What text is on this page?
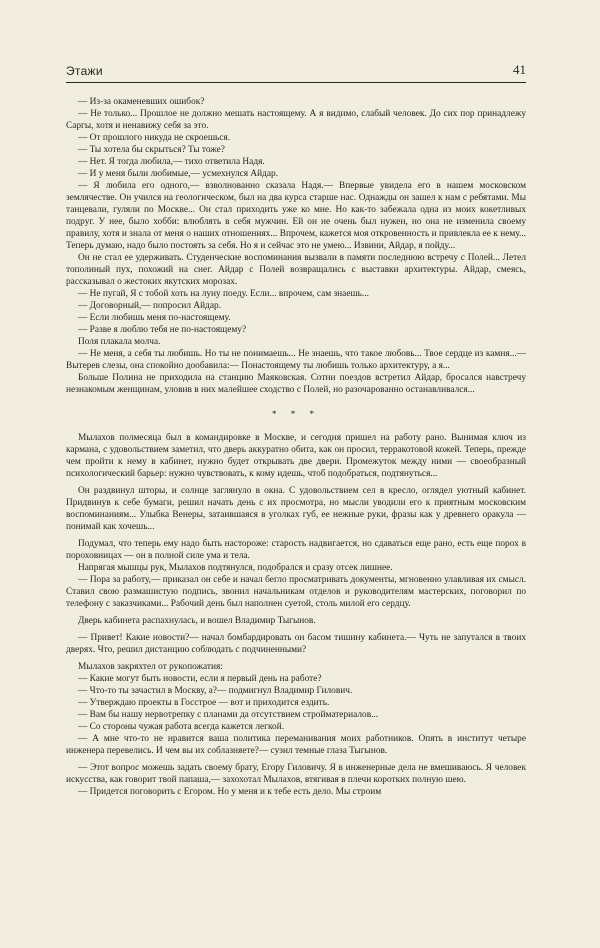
Этажи	41

— Из-за окаменевших ошибок?

— Не только... Прошлое не должно мешать настоящему. А я видимо, слабый человек. До сих пор принадлежу Саргы, хотя и ненавижу себя за это.

— От прошлого никуда не скроешься.

— Ты хотела бы скрыться? Ты тоже?

— Нет. Я тогда любила,— тихо ответила Надя.

— И у меня были любимые,— усмехнулся Айдар.

— Я любила его одного,— взволнованно сказала Надя.— Впервые увидела его в нашем московском землячестве. Он учился на геологическом, был на два курса старше нас. Однажды он зашел к нам с ребятами. Мы танцевали, гуляли по Москве... Он стал приходить уже ко мне. Но как-то забежала одна из моих кокетливых подруг. У нее, было хобби: влюблять в себя мужчин. Ей он не очень был нужен, но она не изменила своему правилу, хотя и знала от меня о наших отношениях... Впрочем, кажется моя откровенность и привлекла ее к нему... Теперь думаю, надо было постоять за себя. Но я и сейчас это не умею... Извини, Айдар, я пойду...

Он не стал ее удерживать. Студенческие воспоминания вызвали в памяти последнюю встречу с Полей... Летел тополиный пух, похожий на снег. Айдар с Полей возвращались с выставки архитектуры. Айдар, смеясь, рассказывал о жестоких якутских морозах.

— Не пугай, Я с тобой хоть на луну поеду. Если... впрочем, сам знаешь...

— Договорный,— попросил Айдар.

— Если любишь меня по-настоящему.

— Разве я люблю тебя не по-настоящему?

Поля плакала молча.

— Не меня, а себя ты любишь. Но ты не понимаешь... Не знаешь, что такое любовь... Твое сердце из камня...— Вытерев слезы, она спокойно дообавила:— Понастоящему ты любишь только архитектуру, а я...

Больше Полина не приходила на станцию Маяковская. Сотни поездов встретил Айдар, бросался навстречу незнакомым женщинам, уловив в них малейшее сходство с Полей, но разочарованно останавливался...

* * *

Мылахов полмесяца был в командировке в Москве, и сегодня пришел на работу рано. Вынимая ключ из кармана, с удовольствием заметил, что дверь аккуратно обита, как он просил, терракотовой кожей. Теперь, прежде чем пройти к нему в кабинет, нужно будет открывать две двери. Промежуток между ними — своеобразный психологический барьер: нужно чувствовать, к кому идешь, чтоб подобраться, подтянуться...

Он раздвинул шторы, и солнце заглянуло в окна. С удовольствием сел в кресло, оглядел уютный кабинет. Придвинув к себе бумаги, решил начать день с их просмотра, но мысли уводили его к приятным московским воспоминаниям... Улыбка Венеры, затаившаяся в уголках губ, ее нежные руки, фразы как у древнего оракула — понимай как хочешь...

Подумал, что теперь ему надо быть настороже: старость надвигается, но сдаваться еще рано, есть еще порох в пороховницах — он в полной силе ума и тела.

Напрягая мышцы рук, Мылахов подтянулся, подобрался и сразу отсек лишнее.

— Пора за работу,— приказал он себе и начал бегло просматривать документы, мгновенно улавливая их смысл. Ставил свою размашистую подпись, звонил начальникам отделов и руководителям мастерских, поговорил по телефону с заказчиками... Рабочий день был наполнен суетой, столь милой его сердцу.

Дверь кабинета распахнулась, и вошел Владимир Тыгынов.

— Привет! Какие новости?— начал бомбардировать он басом тишину кабинета.— Чуть не запутался в твоих дверях. Что, решил дистанцию соблюдать с подчиненными?

Мылахов закряхтел от рукопожатия:

— Какие могут быть новости, если я первый день на работе?

— Что-то ты зачастил в Москву, а?— подмигнул Владимир Гилович.

— Утверждаю проекты в Госстрое — вот и приходится ездить.

— Вам бы нашу нервотрепку с планами да отсутствием стройматериалов...

— Со стороны чужая работа всегда кажется легкой.

— А мне что-то не нравится ваша политика переманивания моих работников. Опять в институт четыре инженера перевелись. И чем вы их соблазняете?— сузил темные глаза Тыгынов.

— Этот вопрос можешь задать своему брату, Егору Гиловичу. Я в инженерные дела не вмешиваюсь. Я человек искусства, как говорит твой папаша,— захохотал Мылахов, втягивая в плечи коротких полную шею.

— Придется поговорить с Егором. Но у меня и к тебе есть дело. Мы строим
